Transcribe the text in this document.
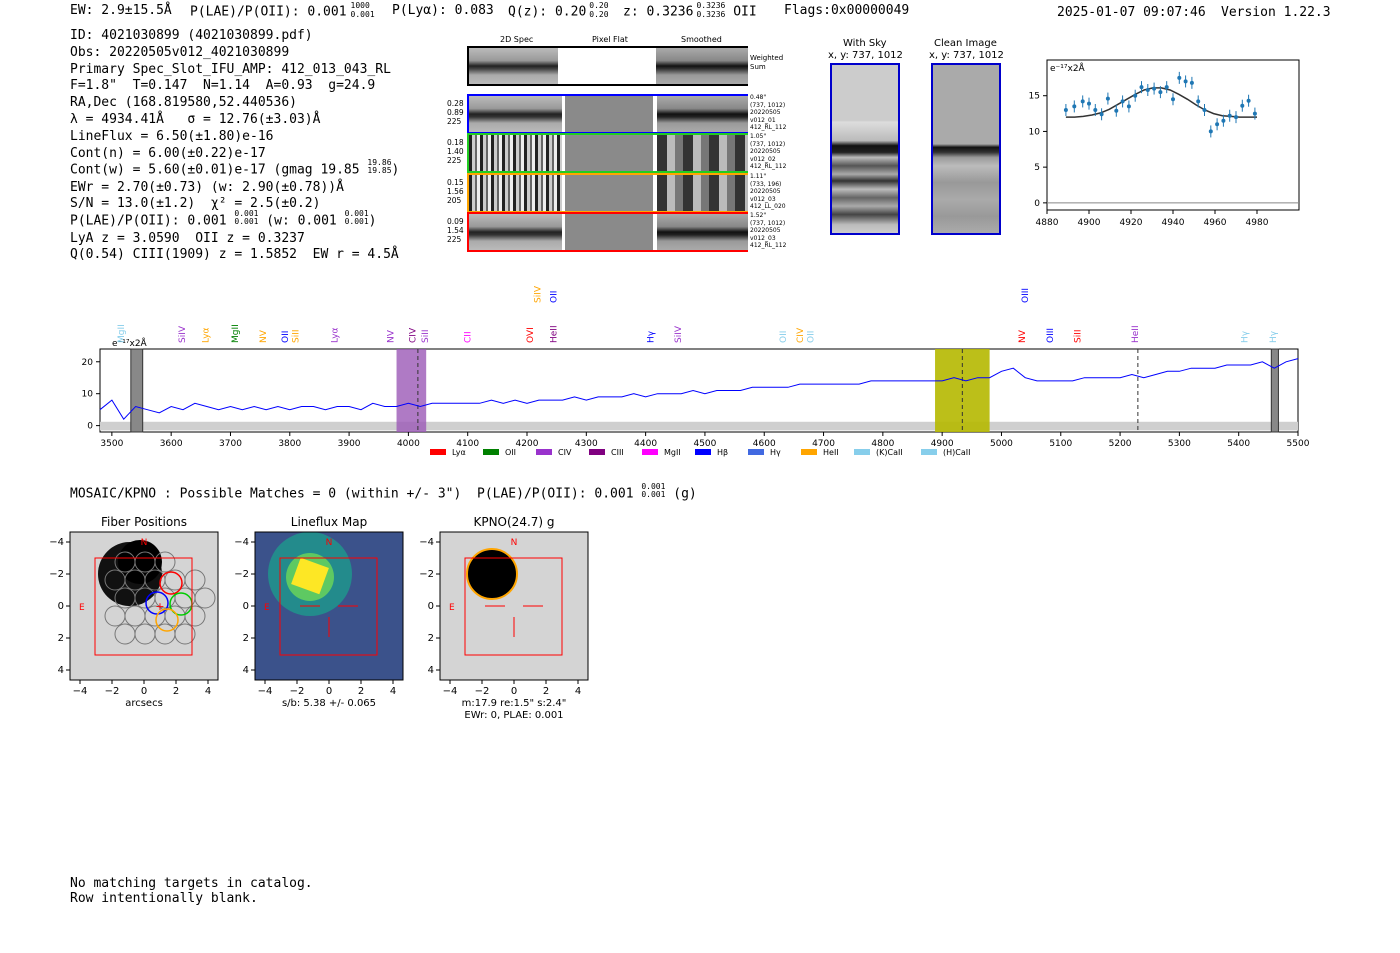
EW: 2.9±15.5Å P(LAE)/P(OII): 0.001 1000
0.001 P(Lyα): 0.083 Q(z): 0.20 0.20
0.20 z: 0.3236 0.3236
0.3236 OII Flags:0x00000049	2025-01-07 09:07:46 Version 1.22.3
ID: 4021030899 (4021030899.pdf)
Obs: 20220505v012_4021030899
Primary Spec_Slot_IFU_AMP: 412_013_043_RL
F=1.8"  T=0.147  N=1.14  A=0.93  g=24.9
RA,Dec (168.819580,52.440536)
λ = 4934.41Å   σ = 12.76(±3.03)Å
LineFlux = 6.50(±1.80)e-16
Cont(n) = 6.00(±0.22)e-17
Cont(w) = 5.60(±0.01)e-17 (gmag 19.85 19.86
19.85 )
EWr = 2.70(±0.73) (w: 2.90(±0.78))Å
S/N = 13.0(±1.2)  χ² = 2.5(±0.2)
P(LAE)/P(OII): 0.001 0.001
0.001 (w: 0.001 0.001
0.001 )
LyA z = 3.0590  OII z = 0.3237
Q(0.54) CIII(1909) z = 1.5852  EW r = 4.5Å
2D Spec	Pixel Flat	Smoothed
Weighted
Sum
0.28
0.89
225
0.48"
(737, 1012)
20220505
v012_01
412_RL_112
0.18
1.40
225
1.05"
(737, 1012)
20220505
v012_02
412_RL_112
0.15
1.56
205
1.11"
(733, 196)
20220505
v012_03
412_LL_020
0.09
1.54
225
1.52"
(737, 1012)
20220505
v012_03
412_RL_112
With Sky
x, y: 737, 1012
Clean Image
x, y: 737, 1012
4880 4900 4920 4940 4960 4980
0
5
10
15
e⁻¹⁷x2Å
3500	3600	3700	3800	3900	4000	4100	4200	4300	4400	4500	4600	4700	4800	4900	5000	5100	5200	5300	5400	5500
0
10
20
e⁻¹⁷x2Å
MgII	SiIV Lyα MgII NV OII SiII	Lyα	NV CIV SiII	CII	OVI HeII
SiIV OII
Hγ SiIV	OII CIV OII	NV
OIII
OIII SiII	HeII	Hγ Hγ
Lyα	OII	CIV	CIII	MgII	Hβ	Hγ	HeII	(K)CaII	(H)CaII
MOSAIC/KPNO : Possible Matches = 0 (within +/- 3")  P(LAE)/P(OII): 0.001 0.001
0.001 (g)
+
N
E
−4
4
−2
2
0
0
2
−2
4
−4
Fiber Positions
arcsecs
N
E
−4
4
−2
2
0
0
2
−2
4
−4
Lineflux Map
s/b: 5.38 +/- 0.065
N
E
−4
4
−2
2
0
0
2
−2
4
−4
KPNO(24.7) g
m:17.9 re:1.5" s:2.4"
EWr: 0, PLAE: 0.001
No matching targets in catalog.
Row intentionally blank.
